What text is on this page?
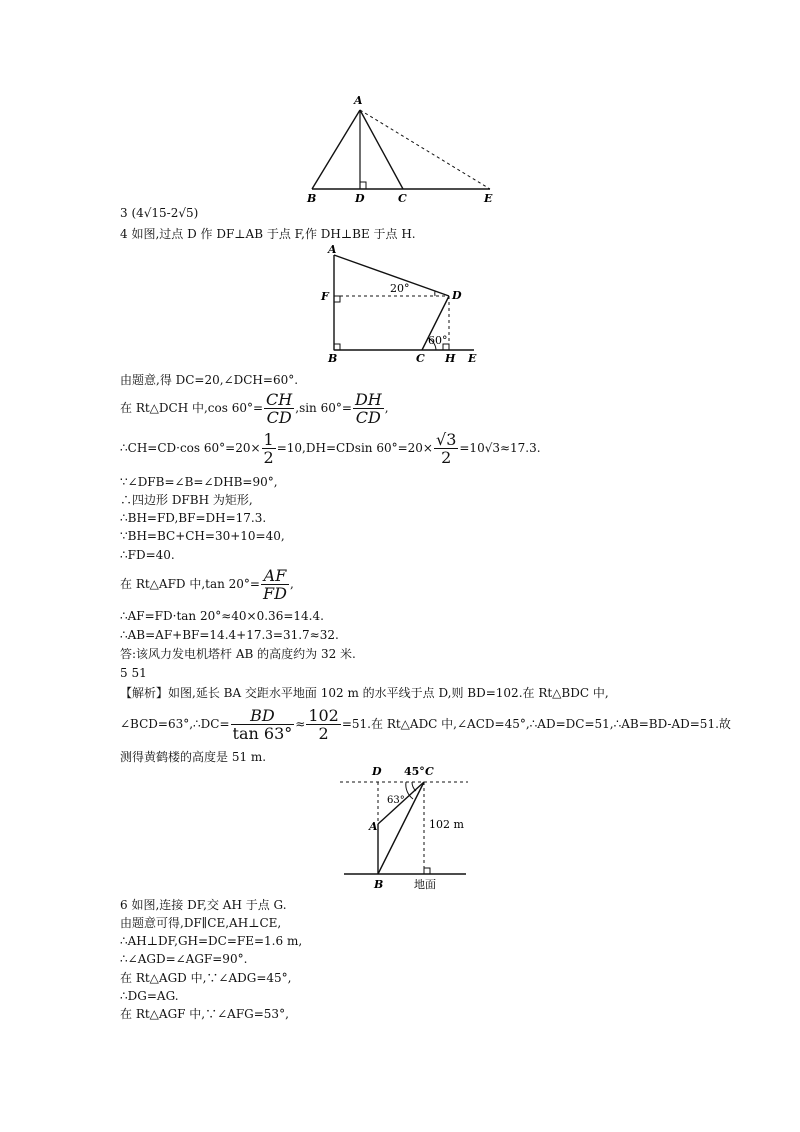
A
B	D	C	E
3 (4√15-2√5)
4 如图,过点 D 作 DF⊥AB 于点 F,作 DH⊥BE 于点 H.
20°
60°
A
F	D
B	C H E
由题意,得 DC=20,∠DCH=60°.
在 Rt△DCH 中,cos $60^\circ= \frac{CH}{CD} ,\sin$ $60^\circ= \frac{DH}{CD}$ ,
∴CH=CD·cos $60^\circ=20\times \frac{1}{2} =10,DH=CDsin$ $60^\circ=20\times \frac{√3}{2} =10√3\approx 17.3$.
∵∠DFB=∠B=∠DHB=90°,
∴四边形 DFBH 为矩形,
∴BH=FD,BF=DH=17.3.
∵BH=BC+CH=30+10=40,
∴FD=40.
在 Rt△AFD 中,tan $20^\circ= \frac{AF}{FD}$ ,
∴AF=FD·tan 20°≈40×0.36=14.4.
∴AB=AF+BF=14.4+17.3=31.7≈32.
答:该风力发电机塔杆 AB 的高度约为 32 米.
5 51
【解析】如图,延长 BA 交距水平地面 102 m 的水平线于点 D,则 BD=102.在 Rt△BDC 中,
∠BCD=63°,∴DC= $\frac{BD}{\tan 63^\circ} \approx \frac{102}{2} =51$.在 Rt△ADC 中,∠ACD=45°,∴AD=DC=51,∴AB=BD-AD=51.故
测得黄鹤楼的高度是 51 m.
45°
63°
102 m
D	C
A
B	地面
6 如图,连接 DF,交 AH 于点 G.
由题意可得,DF∥CE,AH⊥CE,
∴AH⊥DF,GH=DC=FE=1.6 m,
∴∠AGD=∠AGF=90°.
在 Rt△AGD 中,∵∠ADG=45°,
∴DG=AG.
在 Rt△AGF 中,∵∠AFG=53°,
